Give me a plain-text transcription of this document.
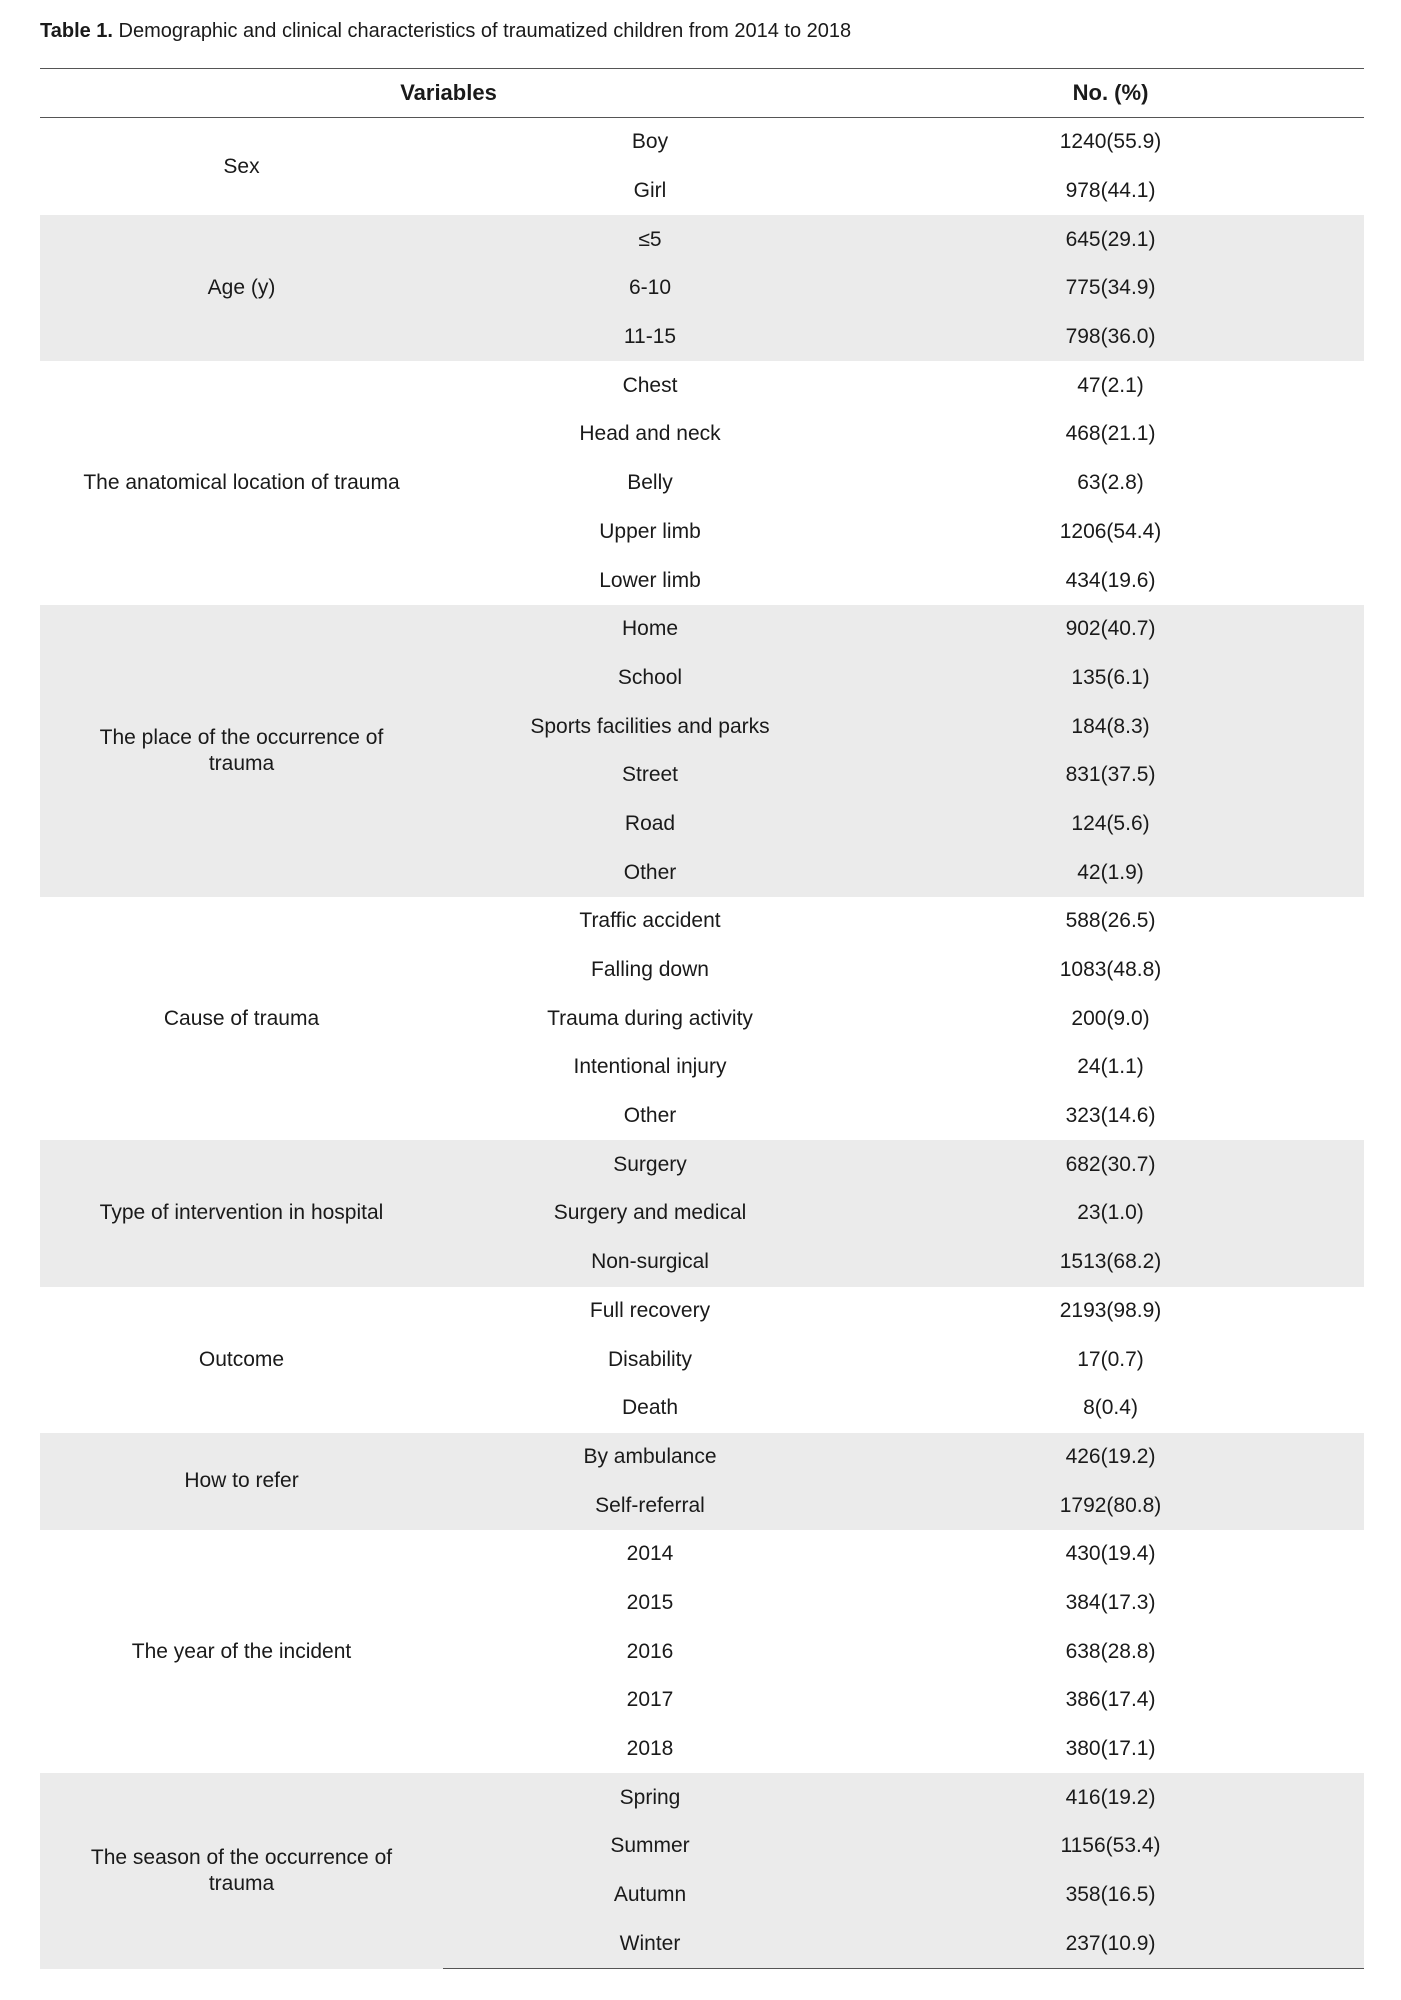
Table 1. Demographic and clinical characteristics of traumatized children from 2014 to 2018
Variables		No. (%)
Sex	Boy	1240(55.9)
	Girl	978(44.1)
Age (y)	≤5	645(29.1)
	6-10	775(34.9)
	11-15	798(36.0)
The anatomical location of trauma	Chest	47(2.1)
	Head and neck	468(21.1)
	Belly	63(2.8)
	Upper limb	1206(54.4)
	Lower limb	434(19.6)
The place of the occurrence of trauma	Home	902(40.7)
	School	135(6.1)
	Sports facilities and parks	184(8.3)
	Street	831(37.5)
	Road	124(5.6)
	Other	42(1.9)
Cause of trauma	Traffic accident	588(26.5)
	Falling down	1083(48.8)
	Trauma during activity	200(9.0)
	Intentional injury	24(1.1)
	Other	323(14.6)
Type of intervention in hospital	Surgery	682(30.7)
	Surgery and medical	23(1.0)
	Non-surgical	1513(68.2)
Outcome	Full recovery	2193(98.9)
	Disability	17(0.7)
	Death	8(0.4)
How to refer	By ambulance	426(19.2)
	Self-referral	1792(80.8)
The year of the incident	2014	430(19.4)
	2015	384(17.3)
	2016	638(28.8)
	2017	386(17.4)
	2018	380(17.1)
The season of the occurrence of trauma	Spring	416(19.2)
	Summer	1156(53.4)
	Autumn	358(16.5)
	Winter	237(10.9)
